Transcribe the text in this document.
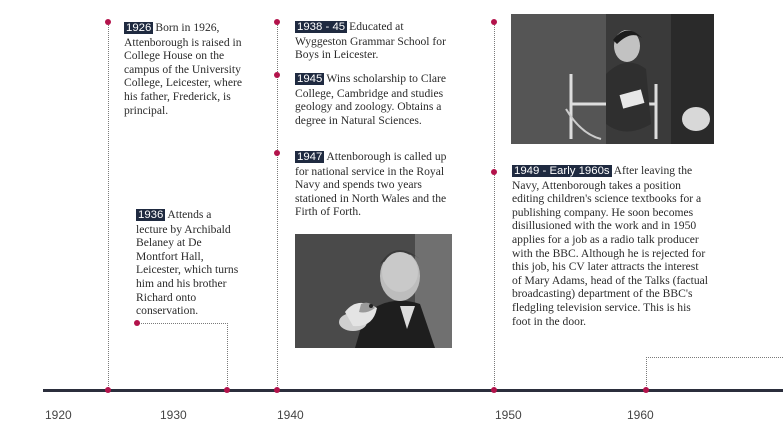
1920	1930	1940	1950	1960
1926 Born in 1926, Attenborough is raised in College House on the campus of the University College, Leicester, where his father, Frederick, is principal.
1936 Attends a lecture by Archibald Belaney at De Montfort Hall, Leicester, which turns him and his brother Richard onto conservation.
1938 - 45 Educated at Wyggeston Grammar School for Boys in Leicester.
1945 Wins scholarship to Clare College, Cambridge and studies geology and zoology. Obtains a degree in Natural Sciences.
1947 Attenborough is called up for national service in the Royal Navy and spends two years stationed in North Wales and the Firth of Forth.
1949 - Early 1960s After leaving the Navy, Attenborough takes a position editing children's science textbooks for a publishing company. He soon becomes disillusioned with the work and in 1950 applies for a job as a radio talk producer with the BBC. Although he is rejected for this job, his CV later attracts the interest of Mary Adams, head of the Talks (factual broadcasting) department of the BBC's fledgling television service. This is his foot in the door.
